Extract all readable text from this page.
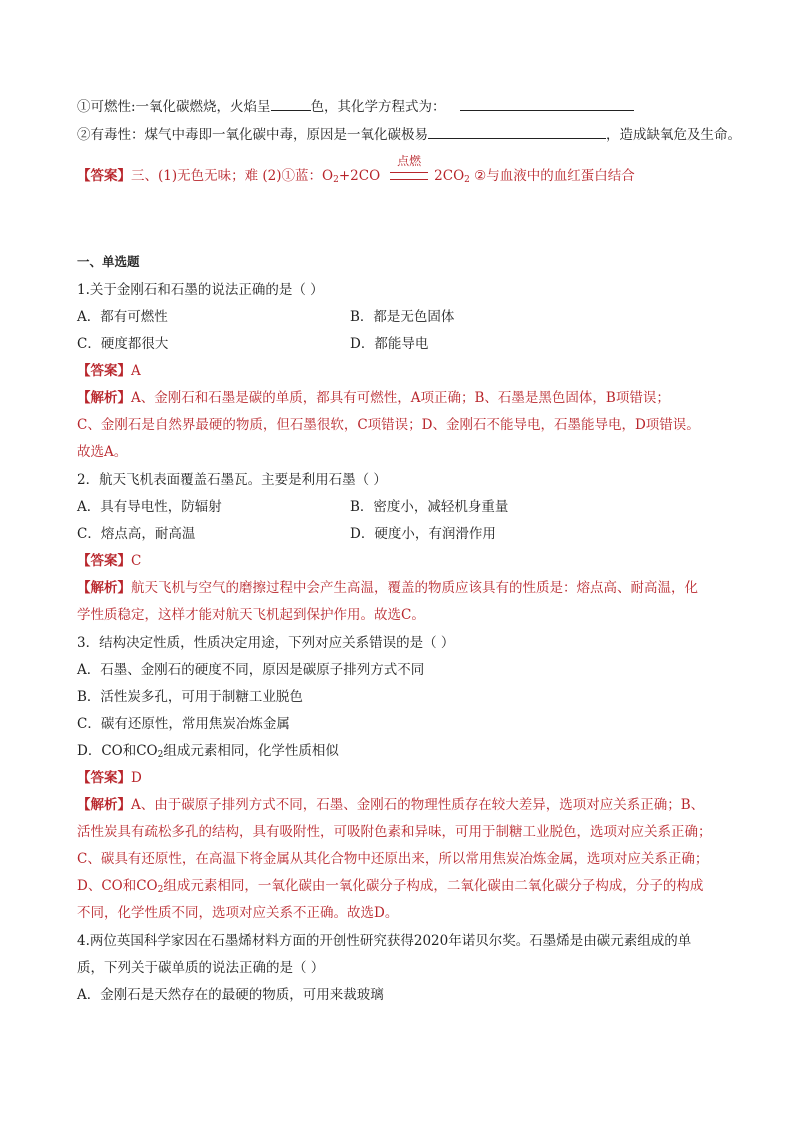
①可燃性:一氧化碳燃烧，火焰呈	色，其化学方程式为：
②有毒性：煤气中毒即一氧化碳中毒，原因是一氧化碳极易	，造成缺氧危及生命。
【答案】三、(1)无色无味；难 (2)①蓝：$O_2+2CO$
点燃
$2CO_2$ ②与血液中的血红蛋白结合
一、单选题
1.关于金刚石和石墨的说法正确的是（ ）
A．都有可燃性	B．都是无色固体
C．硬度都很大	D．都能导电
【答案】A
【解析】A、金刚石和石墨是碳的单质，都具有可燃性，A项正确；B、石墨是黑色固体，B项错误；
C、金刚石是自然界最硬的物质，但石墨很软，C项错误；D、金刚石不能导电，石墨能导电，D项错误。
故选A。
2．航天飞机表面覆盖石墨瓦。主要是利用石墨（ ）
A．具有导电性，防辐射	B．密度小，减轻机身重量
C．熔点高，耐高温	D．硬度小，有润滑作用
【答案】C
【解析】航天飞机与空气的磨擦过程中会产生高温，覆盖的物质应该具有的性质是：熔点高、耐高温，化
学性质稳定，这样才能对航天飞机起到保护作用。故选C。
3．结构决定性质，性质决定用途，下列对应关系错误的是（ ）
A．石墨、金刚石的硬度不同，原因是碳原子排列方式不同
B．活性炭多孔，可用于制糖工业脱色
C．碳有还原性，常用焦炭冶炼金属
D．CO和$CO_2$组成元素相同，化学性质相似
【答案】D
【解析】A、由于碳原子排列方式不同，石墨、金刚石的物理性质存在较大差异，选项对应关系正确；B、
活性炭具有疏松多孔的结构，具有吸附性，可吸附色素和异味，可用于制糖工业脱色，选项对应关系正确；
C、碳具有还原性，在高温下将金属从其化合物中还原出来，所以常用焦炭冶炼金属，选项对应关系正确；
D、CO和$CO_2$组成元素相同，一氧化碳由一氧化碳分子构成，二氧化碳由二氧化碳分子构成，分子的构成
不同，化学性质不同，选项对应关系不正确。故选D。
4.两位英国科学家因在石墨烯材料方面的开创性研究获得2020年诺贝尔奖。石墨烯是由碳元素组成的单
质，下列关于碳单质的说法正确的是（ ）
A．金刚石是天然存在的最硬的物质，可用来裁玻璃
